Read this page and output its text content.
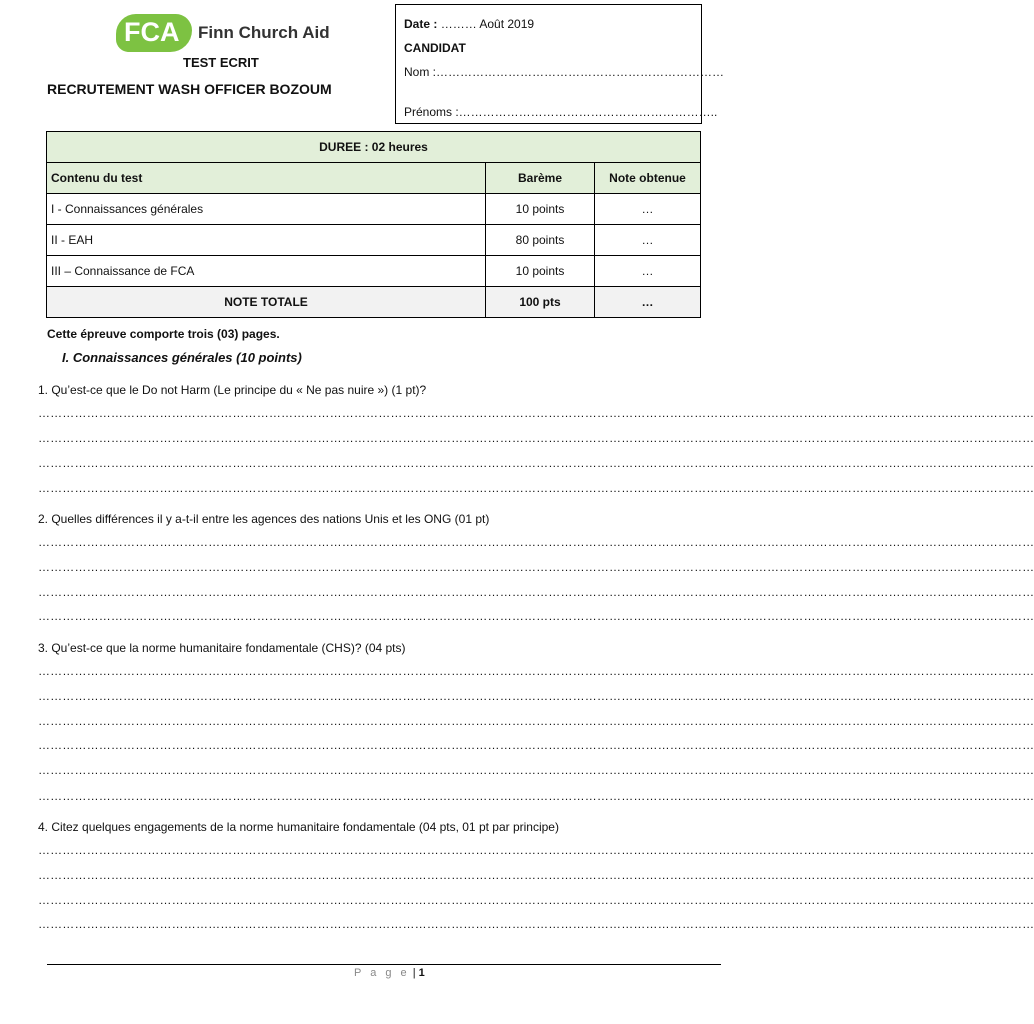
FCA Finn Church Aid
TEST ECRIT
RECRUTEMENT WASH OFFICER BOZOUM
Date : ……… Août 2019
CANDIDAT
Nom :………………………………………………………………
Prénoms :………………………………………………………..
DUREE : 02 heures		
Contenu du test	Barème	Note obtenue
I - Connaissances générales	10 points	…
II - EAH	80 points	…
III – Connaissance de FCA	10 points	…
NOTE TOTALE	100 pts	…
Cette épreuve comporte trois (03) pages.
I. Connaissances générales (10 points)
1. Qu’est-ce que le Do not Harm (Le principe du « Ne pas nuire ») (1 pt)?
…………………………………………………………………………………………………………………………………………………………………………………………………………………………
…………………………………………………………………………………………………………………………………………………………………………………………………………………………
…………………………………………………………………………………………………………………………………………………………………………………………………………………………
…………………………………………………………………………………………………………………………………………………………………………………………………………………………
2. Quelles différences il y a-t-il entre les agences des nations Unis et les ONG (01 pt)
…………………………………………………………………………………………………………………………………………………………………………………………………………………………
…………………………………………………………………………………………………………………………………………………………………………………………………………………………
…………………………………………………………………………………………………………………………………………………………………………………………………………………………
…………………………………………………………………………………………………………………………………………………………………………………………………………………………
3. Qu’est-ce que la norme humanitaire fondamentale (CHS)? (04 pts)
…………………………………………………………………………………………………………………………………………………………………………………………………………………………
…………………………………………………………………………………………………………………………………………………………………………………………………………………………
…………………………………………………………………………………………………………………………………………………………………………………………………………………………
…………………………………………………………………………………………………………………………………………………………………………………………………………………………
…………………………………………………………………………………………………………………………………………………………………………………………………………………………
…………………………………………………………………………………………………………………………………………………………………………………………………………………………
4. Citez quelques engagements de la norme humanitaire fondamentale (04 pts, 01 pt par principe)
…………………………………………………………………………………………………………………………………………………………………………………………………………………………
…………………………………………………………………………………………………………………………………………………………………………………………………………………………
…………………………………………………………………………………………………………………………………………………………………………………………………………………………
…………………………………………………………………………………………………………………………………………………………………………………………………………………………
P a g e | 1
